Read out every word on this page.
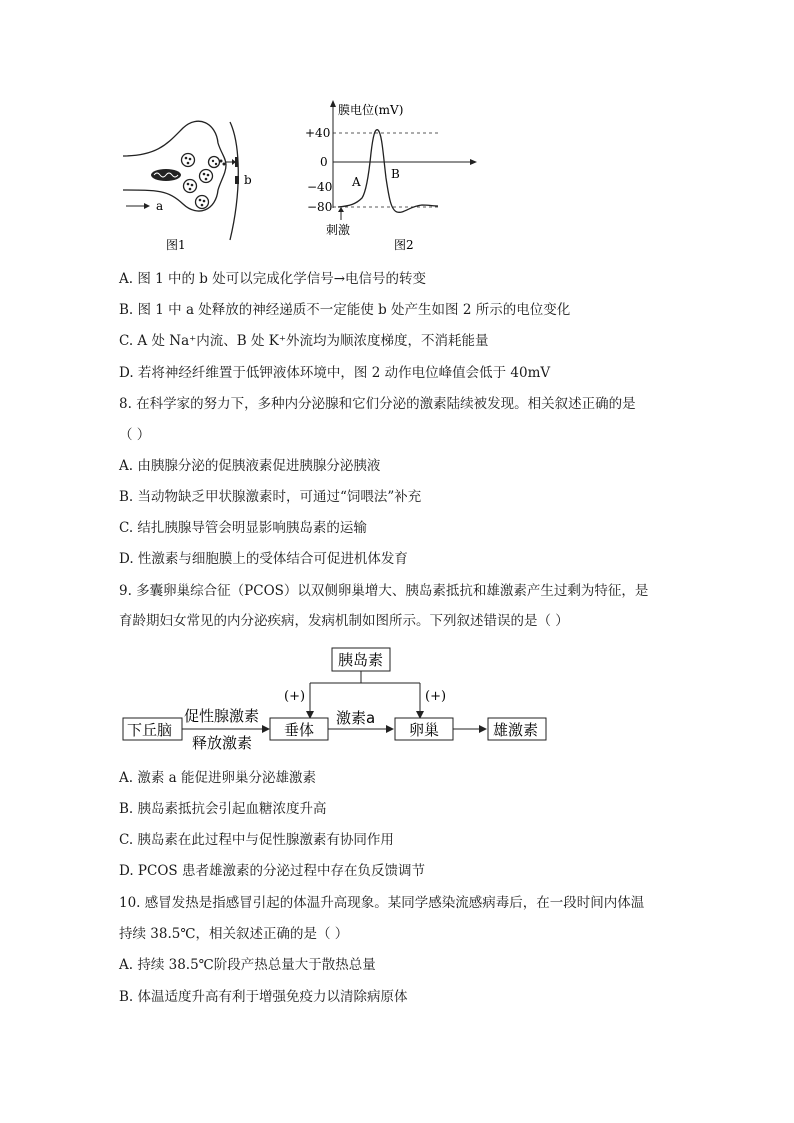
b
a
图1
膜电位(mV)
+40
0
−40
−80
A
B
刺激
图2
A. 图 1 中的 b 处可以完成化学信号→电信号的转变
B. 图 1 中 a 处释放的神经递质不一定能使 b 处产生如图 2 所示的电位变化
C. A 处 Na⁺内流、B 处 K⁺外流均为顺浓度梯度，不消耗能量
D. 若将神经纤维置于低钾液体环境中，图 2 动作电位峰值会低于 40mV
8. 在科学家的努力下，多种内分泌腺和它们分泌的激素陆续被发现。相关叙述正确的是
（ ）
A. 由胰腺分泌的促胰液素促进胰腺分泌胰液
B. 当动物缺乏甲状腺激素时，可通过“饲喂法”补充
C. 结扎胰腺导管会明显影响胰岛素的运输
D. 性激素与细胞膜上的受体结合可促进机体发育
9. 多囊卵巢综合征（PCOS）以双侧卵巢增大、胰岛素抵抗和雄激素产生过剩为特征，是
育龄期妇女常见的内分泌疾病，发病机制如图所示。下列叙述错误的是（ ）
胰岛素
(+)	(+)
下丘脑
促性腺激素
释放激素
垂体
激素a
卵巢	雄激素
A. 激素 a 能促进卵巢分泌雄激素
B. 胰岛素抵抗会引起血糖浓度升高
C. 胰岛素在此过程中与促性腺激素有协同作用
D. PCOS 患者雄激素的分泌过程中存在负反馈调节
10. 感冒发热是指感冒引起的体温升高现象。某同学感染流感病毒后，在一段时间内体温
持续 38.5℃，相关叙述正确的是（ ）
A. 持续 38.5℃阶段产热总量大于散热总量
B. 体温适度升高有利于增强免疫力以清除病原体
